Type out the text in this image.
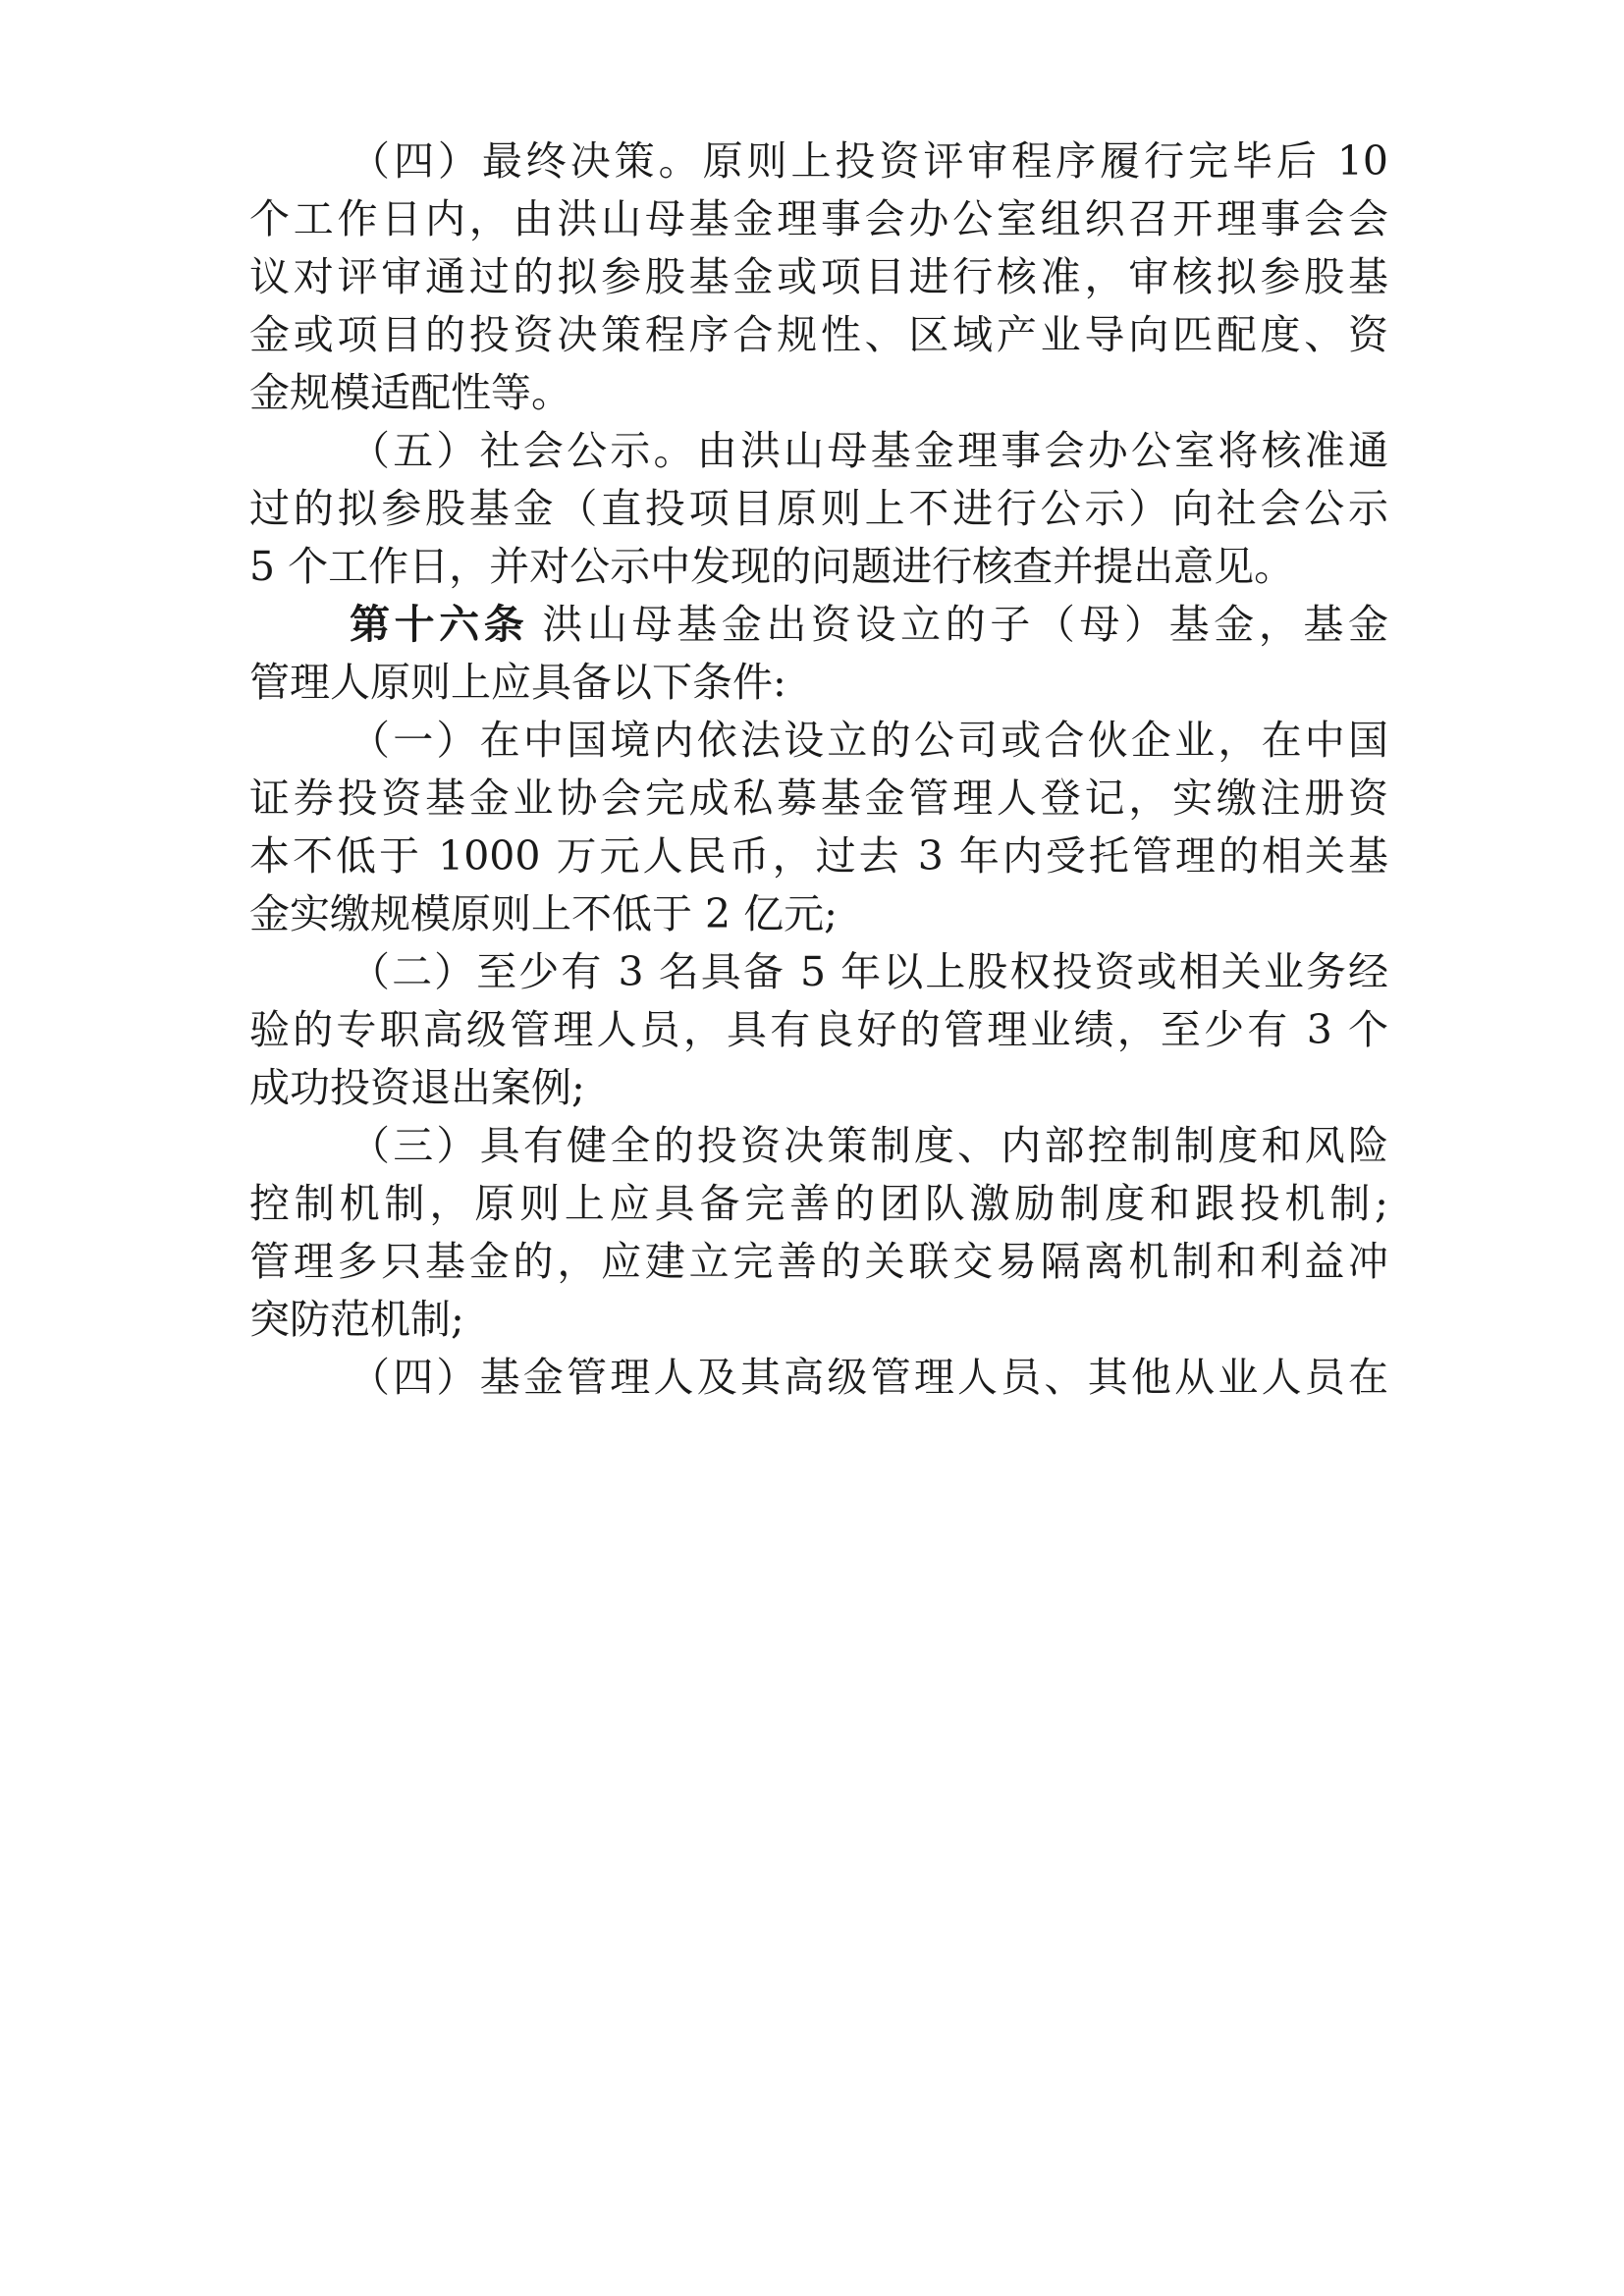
（四）最终决策。原则上投资评审程序履行完毕后 10
个工作日内，由洪山母基金理事会办公室组织召开理事会会
议对评审通过的拟参股基金或项目进行核准，审核拟参股基
金或项目的投资决策程序合规性、区域产业导向匹配度、资
金规模适配性等。
（五）社会公示。由洪山母基金理事会办公室将核准通
过的拟参股基金（直投项目原则上不进行公示）向社会公示
5 个工作日，并对公示中发现的问题进行核查并提出意见。
第十六条 洪山母基金出资设立的子（母）基金，基金
管理人原则上应具备以下条件:
（一）在中国境内依法设立的公司或合伙企业，在中国
证券投资基金业协会完成私募基金管理人登记，实缴注册资
本不低于 1000 万元人民币，过去 3 年内受托管理的相关基
金实缴规模原则上不低于 2 亿元;
（二）至少有 3 名具备 5 年以上股权投资或相关业务经
验的专职高级管理人员，具有良好的管理业绩，至少有 3 个
成功投资退出案例;
（三）具有健全的投资决策制度、内部控制制度和风险
控制机制，原则上应具备完善的团队激励制度和跟投机制;
管理多只基金的，应建立完善的关联交易隔离机制和利益冲
突防范机制;
（四）基金管理人及其高级管理人员、其他从业人员在
